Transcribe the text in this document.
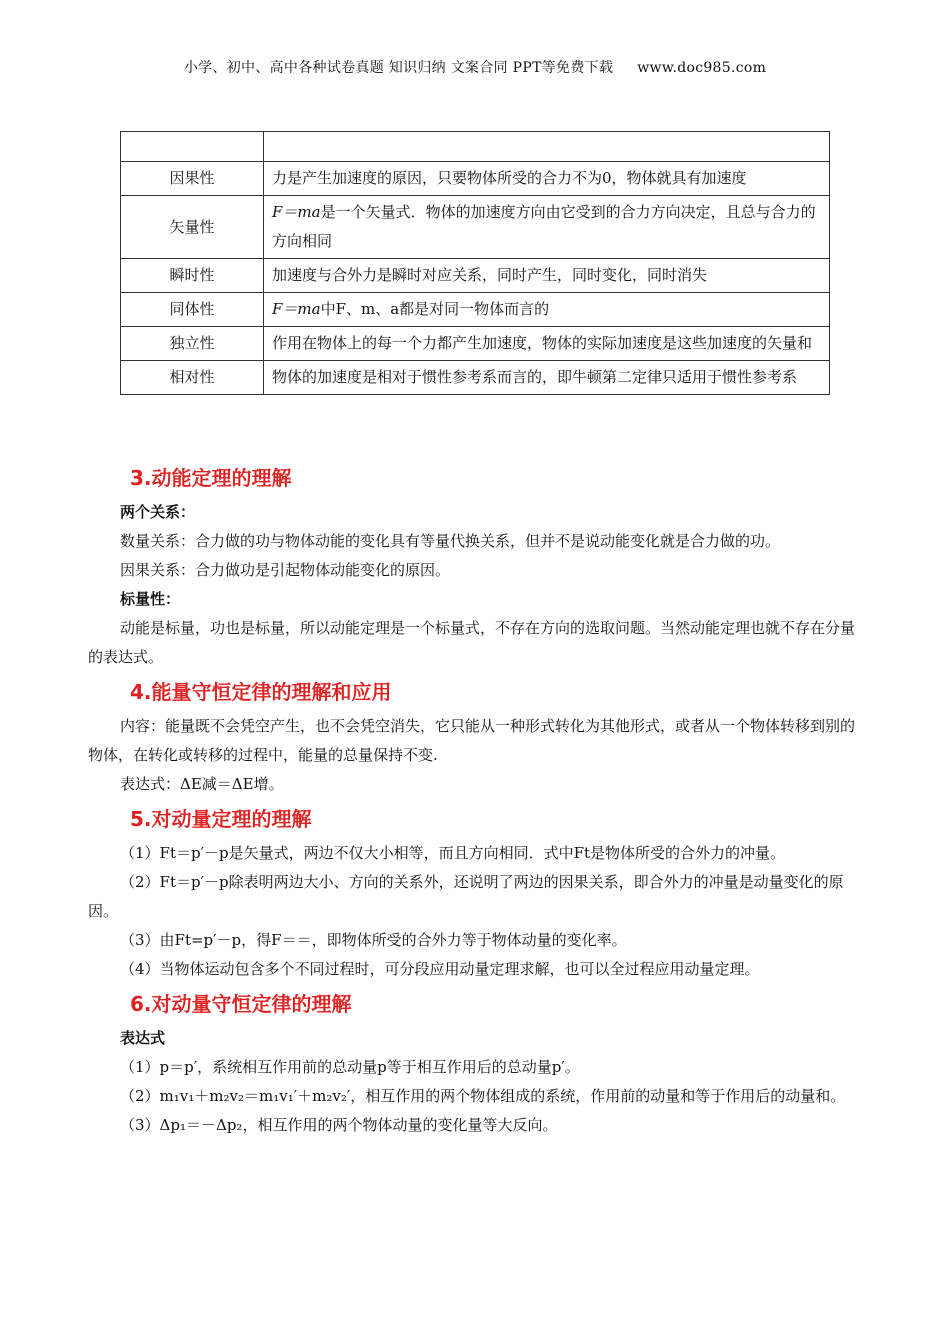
小学、初中、高中各种试卷真题 知识归纳 文案合同 PPT等免费下载 www.doc985.com

因果性	力是产生加速度的原因，只要物体所受的合力不为0，物体就具有加速度
矢量性	F＝ma是一个矢量式．物体的加速度方向由它受到的合力方向决定，且总与合力的方向相同
瞬时性	加速度与合外力是瞬时对应关系，同时产生，同时变化，同时消失
同体性	F＝ma中F、m、a都是对同一物体而言的
独立性	作用在物体上的每一个力都产生加速度，物体的实际加速度是这些加速度的矢量和
相对性	物体的加速度是相对于惯性参考系而言的，即牛顿第二定律只适用于惯性参考系
3.动能定理的理解
两个关系：

数量关系：合力做的功与物体动能的变化具有等量代换关系，但并不是说动能变化就是合力做的功。

因果关系：合力做功是引起物体动能变化的原因。

标量性：

动能是标量，功也是标量，所以动能定理是一个标量式，不存在方向的选取问题。当然动能定理也就不存在分量的表达式。

4.能量守恒定律的理解和应用

内容：能量既不会凭空产生，也不会凭空消失，它只能从一种形式转化为其他形式，或者从一个物体转移到别的物体，在转化或转移的过程中，能量的总量保持不变.

表达式：ΔE减＝ΔE增。

5.对动量定理的理解

（1）Ft＝p′－p是矢量式，两边不仅大小相等，而且方向相同．式中Ft是物体所受的合外力的冲量。

（2）Ft＝p′－p除表明两边大小、方向的关系外，还说明了两边的因果关系，即合外力的冲量是动量变化的原因。

（3）由Ft=p′－p，得F＝＝，即物体所受的合外力等于物体动量的变化率。

（4）当物体运动包含多个不同过程时，可分段应用动量定理求解，也可以全过程应用动量定理。

6.对动量守恒定律的理解
表达式

（1）p＝p′，系统相互作用前的总动量p等于相互作用后的总动量p′。

（2）m₁v₁＋m₂v₂＝m₁v₁′＋m₂v₂′，相互作用的两个物体组成的系统，作用前的动量和等于作用后的动量和。

（3）Δp₁＝－Δp₂，相互作用的两个物体动量的变化量等大反向。
